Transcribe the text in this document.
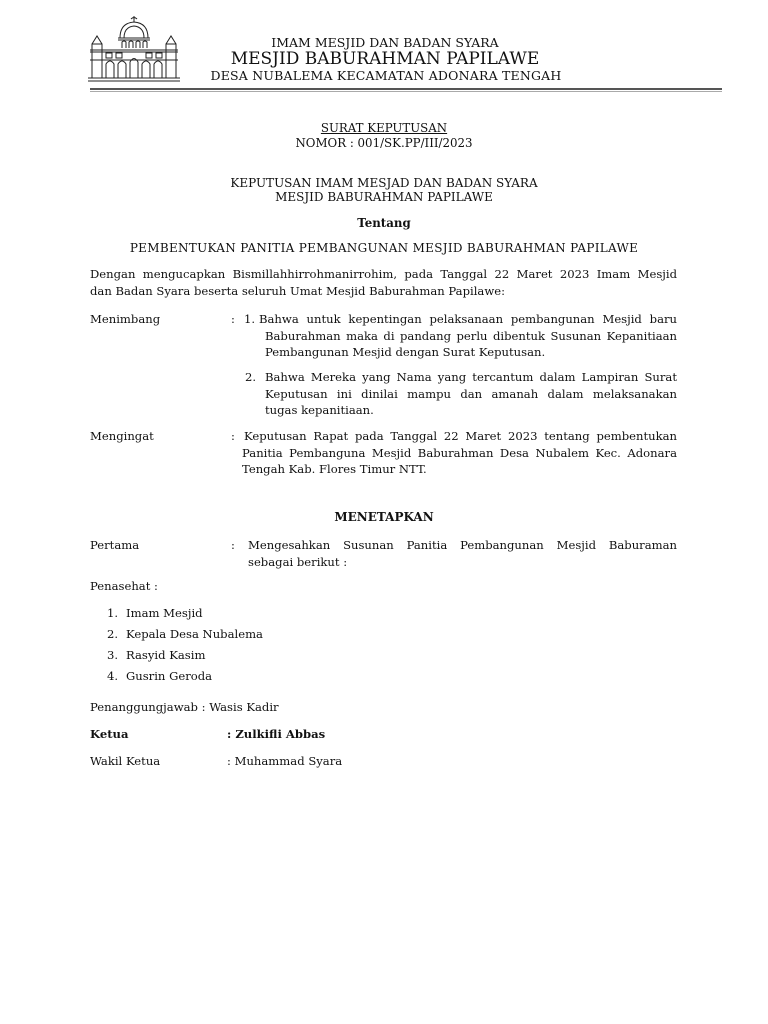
IMAM MESJID DAN BADAN SYARA
MESJID BABURAHMAN PAPILAWE
DESA NUBALEMA KECAMATAN ADONARA TENGAH
SURAT KEPUTUSAN
NOMOR : 001/SK.PP/III/2023
KEPUTUSAN IMAM MESJAD DAN BADAN SYARA
MESJID BABURAHMAN PAPILAWE
Tentang
PEMBENTUKAN PANITIA PEMBANGUNAN MESJID BABURAHMAN PAPILAWE
Dengan mengucapkan Bismillahhirrohmanirrohim, pada Tanggal 22 Maret 2023 Imam Mesjid
dan Badan Syara beserta seluruh Umat Mesjid Baburahman Papilawe:
Menimbang	: 1. Bahwa untuk kepentingan pelaksanaan pembangunan Mesjid baru
Baburahman maka di pandang perlu dibentuk Susunan Kepanitiaan
Pembangunan Mesjid dengan Surat Keputusan.
2. Bahwa Mereka yang Nama yang tercantum dalam Lampiran Surat
Keputusan ini dinilai mampu dan amanah dalam melaksanakan
tugas kepanitiaan.
Mengingat	: Keputusan Rapat pada Tanggal 22 Maret 2023 tentang pembentukan
Panitia Pembanguna Mesjid Baburahman Desa Nubalem Kec. Adonara
Tengah Kab. Flores Timur NTT.
MENETAPKAN
Pertama	: Mengesahkan Susunan Panitia Pembangunan Mesjid Baburaman
sebagai berikut :
Penasehat :
1. Imam Mesjid
2. Kepala Desa Nubalema
3. Rasyid Kasim
4. Gusrin Geroda
Penanggungjawab : Wasis Kadir
Ketua	: Zulkifli Abbas
Wakil Ketua	: Muhammad Syara
